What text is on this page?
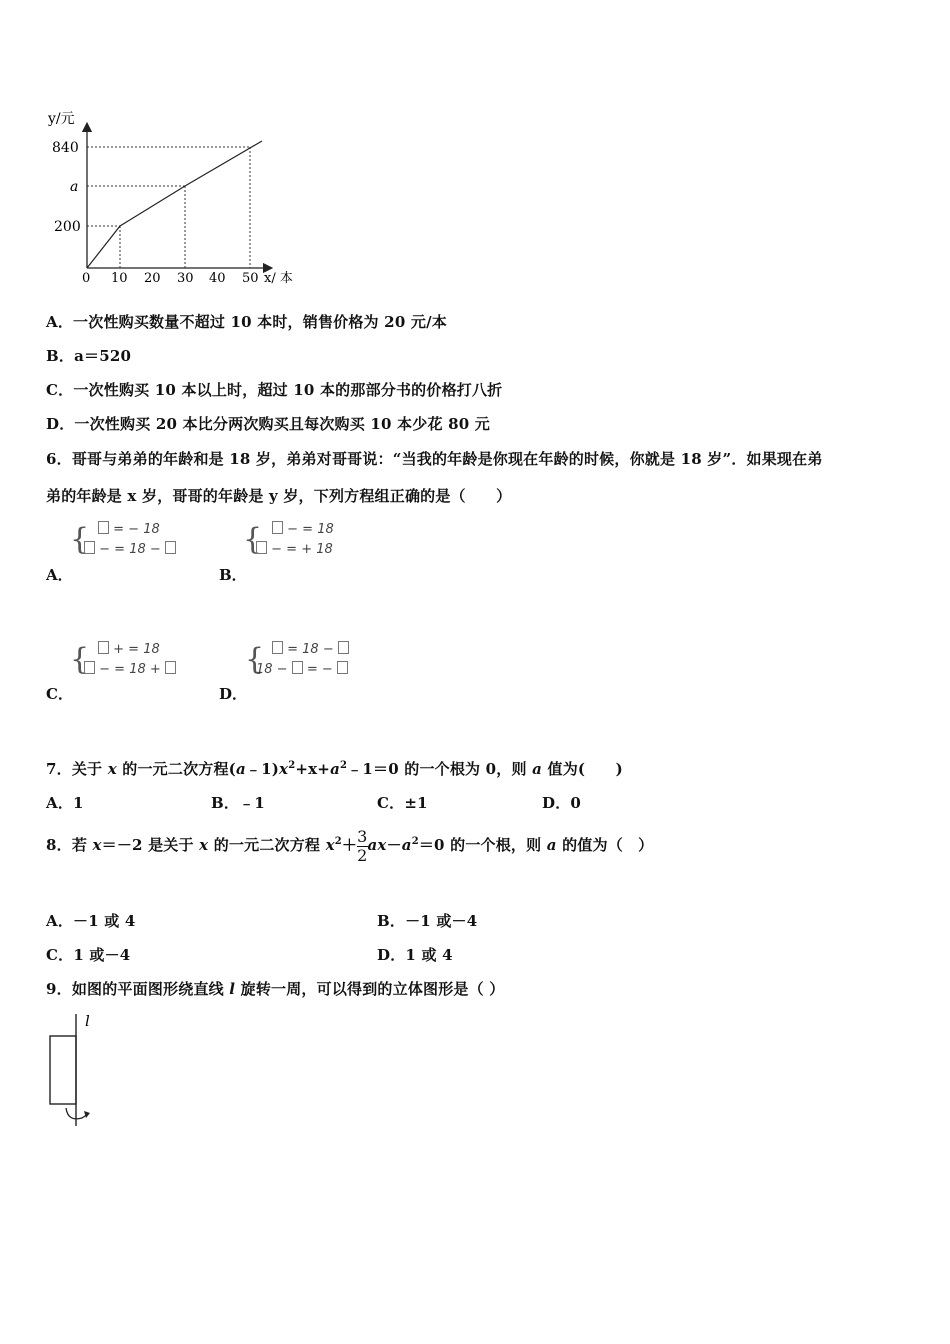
y/元
840
a
200
0 10 20 30 40 50 x/ 本
A．一次性购买数量不超过 10 本时，销售价格为 20 元/本
B．a＝520
C．一次性购买 10 本以上时，超过 10 本的那部分书的价格打八折
D．一次性购买 20 本比分两次购买且每次购买 10 本少花 80 元
6．哥哥与弟弟的年龄和是 18 岁，弟弟对哥哥说：“当我的年龄是你现在年龄的时候，你就是 18 岁”．如果现在弟
弟的年龄是 x 岁，哥哥的年龄是 y 岁，下列方程组正确的是（　　）
{	= − 18
− = 18 −
A．
{	− = 18
− = + 18
B．
{	+ = 18
− = 18 +
C．
{	= 18 −
18 − = −
D．
7．关于 x 的一元二次方程$(a﹣1)x^2+x+a^2﹣1=0$ 的一个根为 0，则 a 值为(　　)
A．1	B．﹣1	C．±1	D．0
8．若 x＝－2 是关于 x 的一元二次方程 $x^2+ \frac{3}{2} ax-a^2=0$ 的一个根，则 a 的值为（　）
A．－1 或 4	B．－1 或－4
C．1 或－4	D．1 或 4
9．如图的平面图形绕直线 l 旋转一周，可以得到的立体图形是（ ）
l
